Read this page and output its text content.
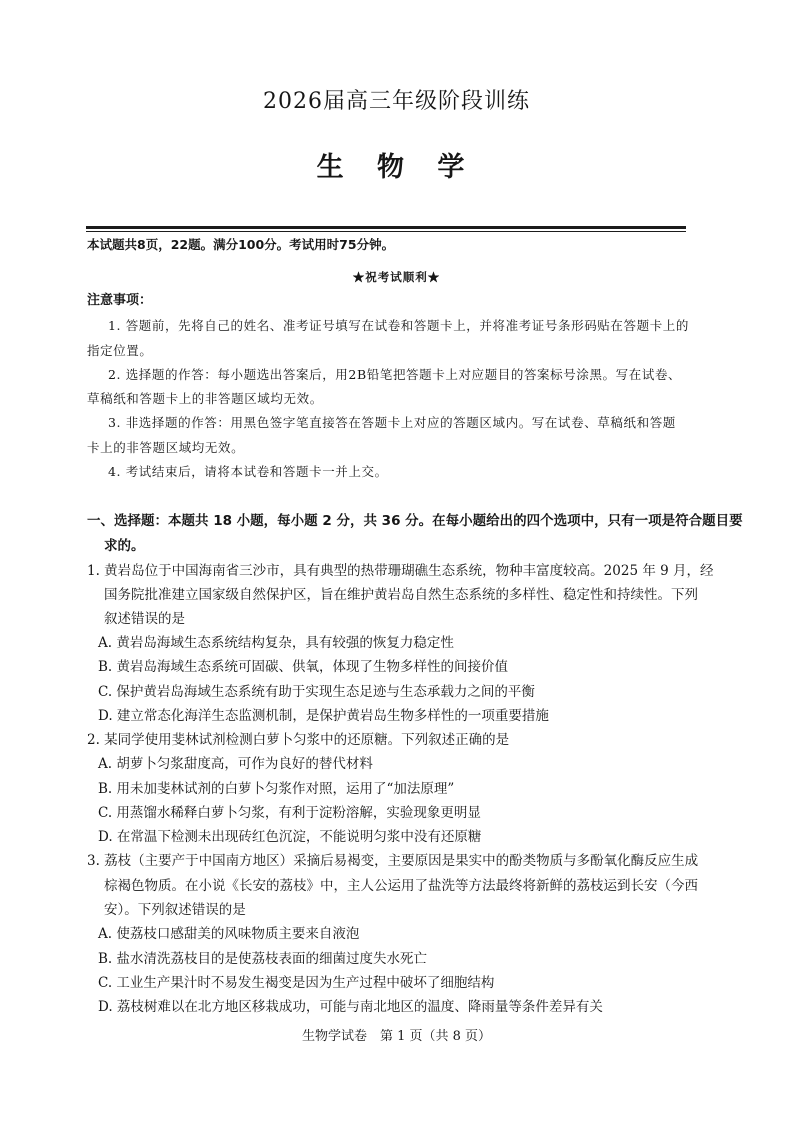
2026届高三年级阶段训练
生 物 学
本试题共8页，22题。满分100分。考试用时75分钟。
★祝考试顺利★
注意事项：
1. 答题前，先将自己的姓名、准考证号填写在试卷和答题卡上，并将准考证号条形码贴在答题卡上的
指定位置。
2. 选择题的作答：每小题选出答案后，用2B铅笔把答题卡上对应题目的答案标号涂黑。写在试卷、
草稿纸和答题卡上的非答题区域均无效。
3. 非选择题的作答：用黑色签字笔直接答在答题卡上对应的答题区域内。写在试卷、草稿纸和答题
卡上的非答题区域均无效。
4. 考试结束后，请将本试卷和答题卡一并上交。
一、选择题：本题共 18 小题，每小题 2 分，共 36 分。在每小题给出的四个选项中，只有一项是符合题目要
求的。
1. 黄岩岛位于中国海南省三沙市，具有典型的热带珊瑚礁生态系统，物种丰富度较高。2025 年 9 月，经
国务院批准建立国家级自然保护区，旨在维护黄岩岛自然生态系统的多样性、稳定性和持续性。下列
叙述错误的是
A. 黄岩岛海域生态系统结构复杂，具有较强的恢复力稳定性
B. 黄岩岛海域生态系统可固碳、供氧，体现了生物多样性的间接价值
C. 保护黄岩岛海域生态系统有助于实现生态足迹与生态承载力之间的平衡
D. 建立常态化海洋生态监测机制，是保护黄岩岛生物多样性的一项重要措施
2. 某同学使用斐林试剂检测白萝卜匀浆中的还原糖。下列叙述正确的是
A. 胡萝卜匀浆甜度高，可作为良好的替代材料
B. 用未加斐林试剂的白萝卜匀浆作对照，运用了“加法原理”
C. 用蒸馏水稀释白萝卜匀浆，有利于淀粉溶解，实验现象更明显
D. 在常温下检测未出现砖红色沉淀，不能说明匀浆中没有还原糖
3. 荔枝（主要产于中国南方地区）采摘后易褐变，主要原因是果实中的酚类物质与多酚氧化酶反应生成
棕褐色物质。在小说《长安的荔枝》中，主人公运用了盐洗等方法最终将新鲜的荔枝运到长安（今西
安）。下列叙述错误的是
A. 使荔枝口感甜美的风味物质主要来自液泡
B. 盐水清洗荔枝目的是使荔枝表面的细菌过度失水死亡
C. 工业生产果汁时不易发生褐变是因为生产过程中破坏了细胞结构
D. 荔枝树难以在北方地区移栽成功，可能与南北地区的温度、降雨量等条件差异有关
生物学试卷　第 1 页（共 8 页）
